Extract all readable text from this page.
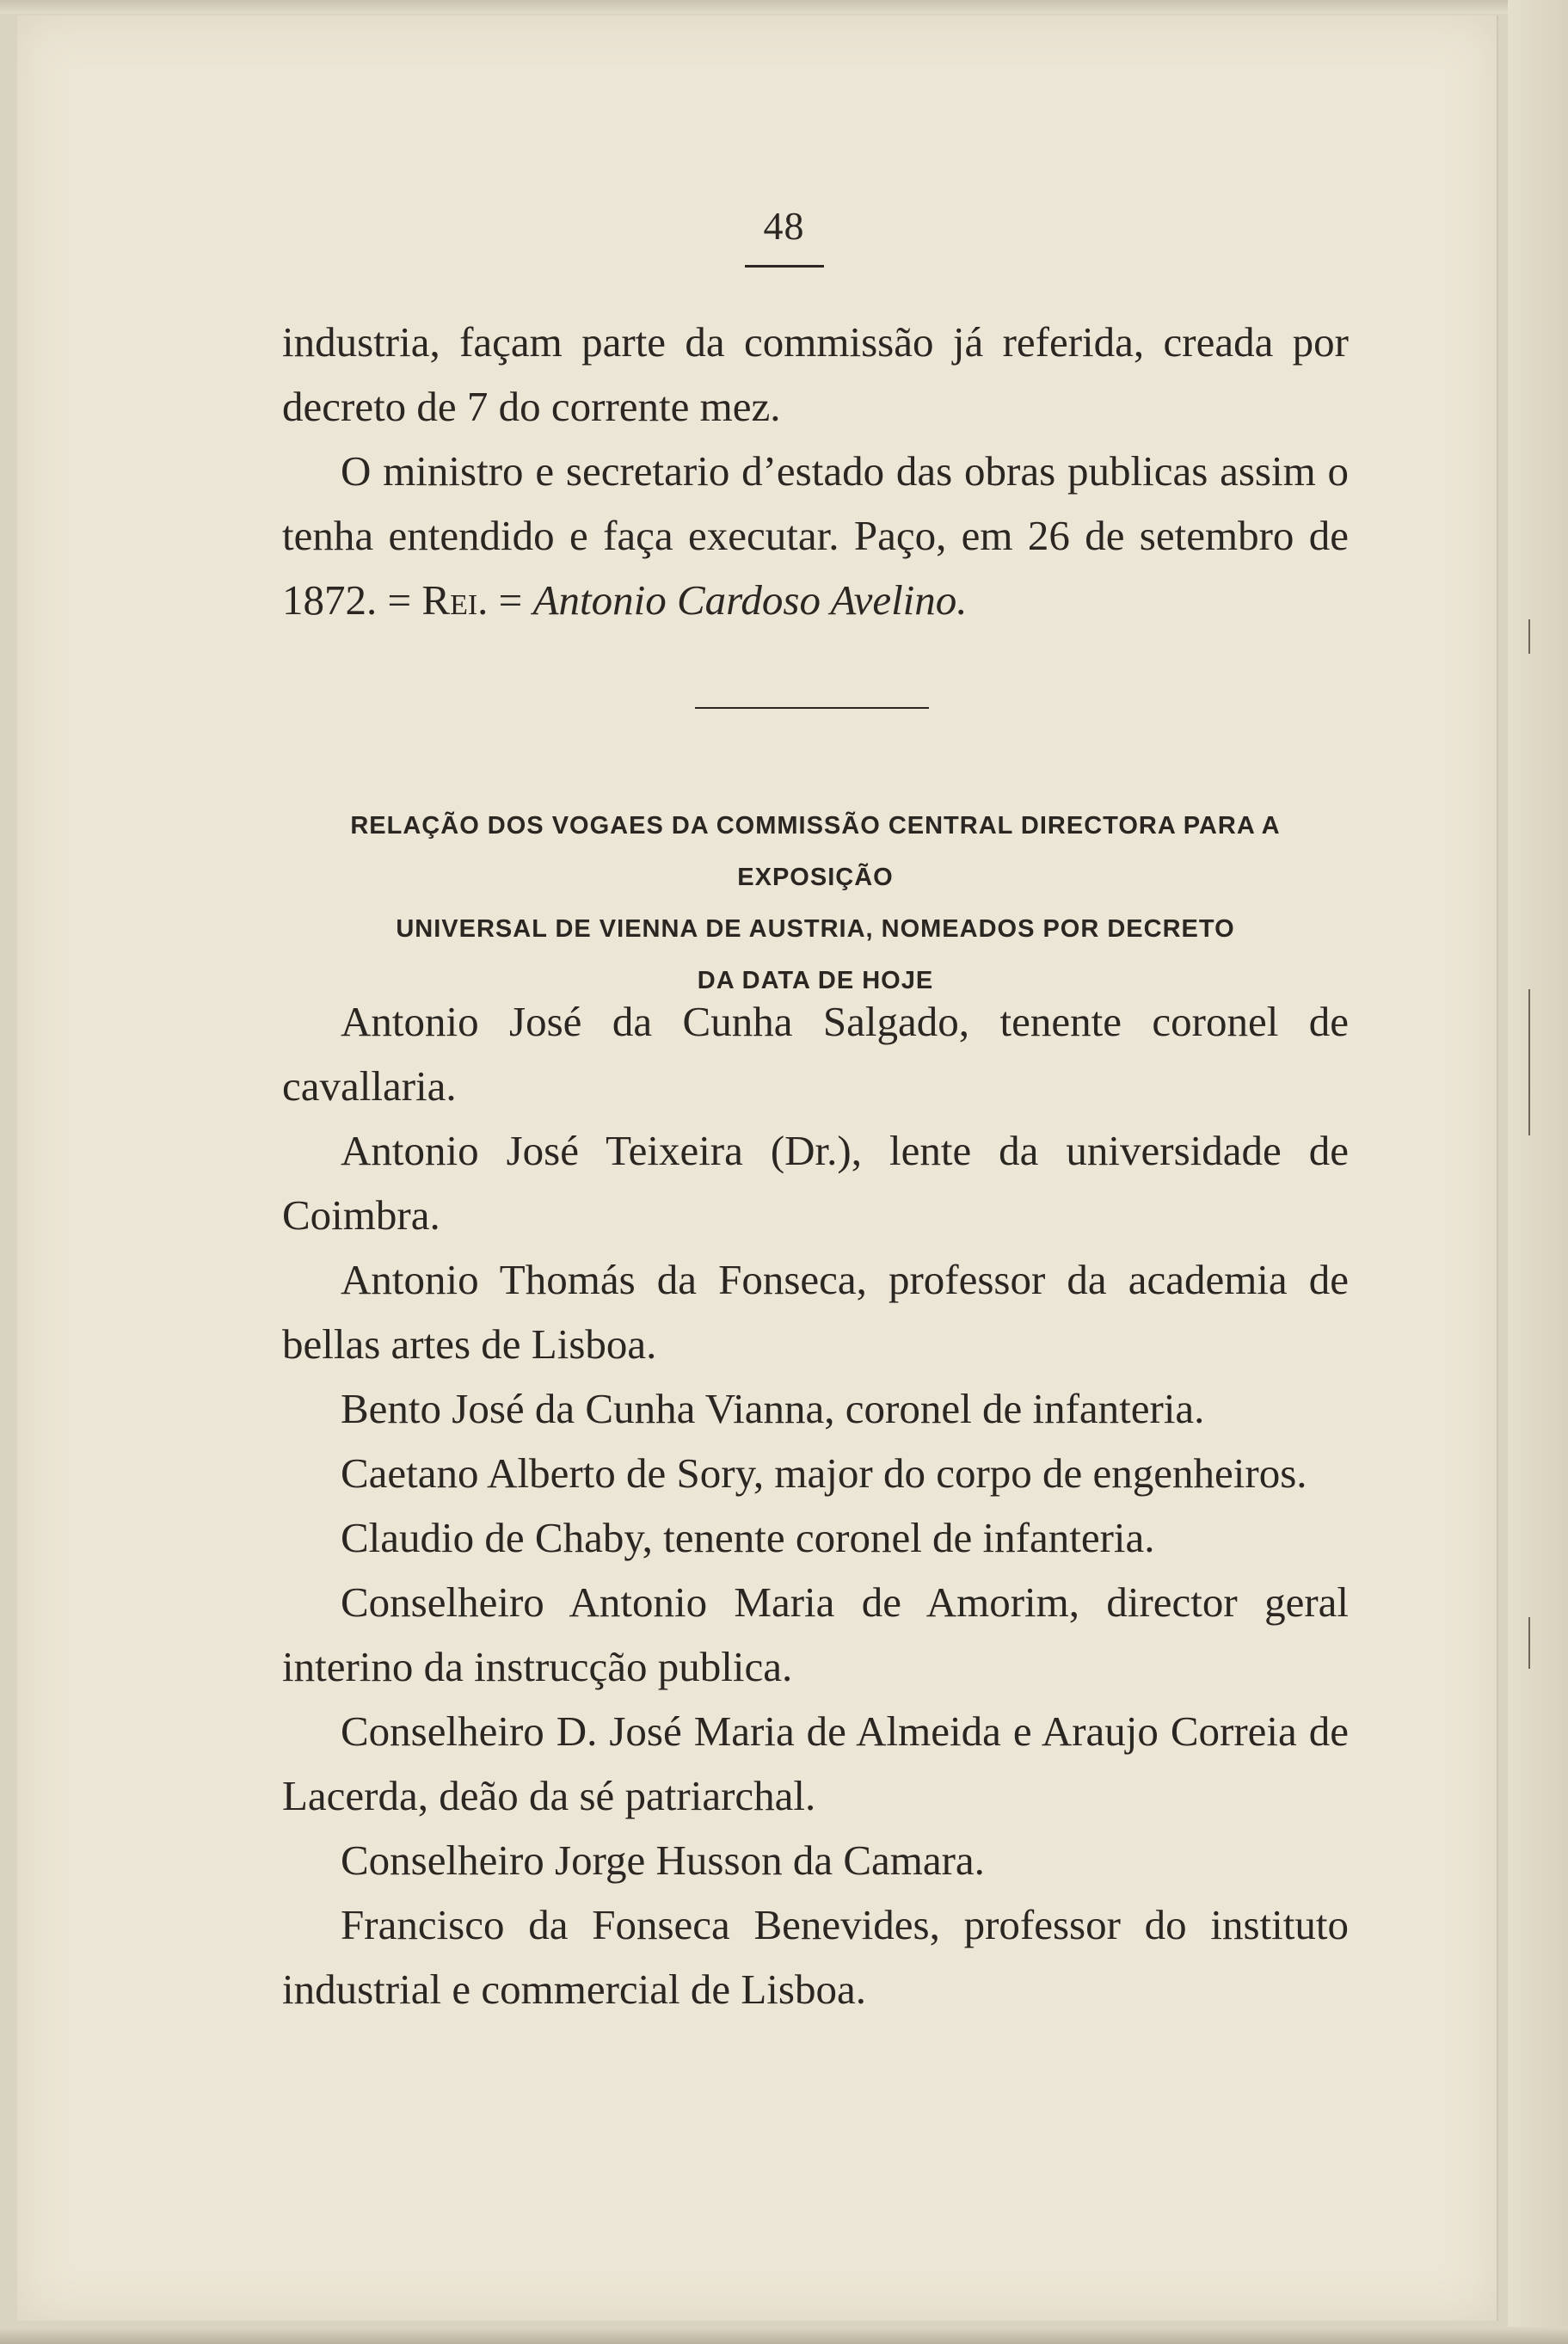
48

industria, façam parte da commissão já referida, creada por decreto de 7 do corrente mez.

O ministro e secretario d’estado das obras publicas assim o tenha entendido e faça executar. Paço, em 26 de setembro de 1872. = Rei. = Antonio Cardoso Avelino.

RELAÇÃO DOS VOGAES DA COMMISSÃO CENTRAL DIRECTORA PARA A EXPOSIÇÃO
UNIVERSAL DE VIENNA DE AUSTRIA, NOMEADOS POR DECRETO
DA DATA DE HOJE

Antonio José da Cunha Salgado, tenente coronel de cavallaria.

Antonio José Teixeira (Dr.), lente da universidade de Coimbra.

Antonio Thomás da Fonseca, professor da academia de bellas artes de Lisboa.

Bento José da Cunha Vianna, coronel de infanteria.

Caetano Alberto de Sory, major do corpo de engenheiros.

Claudio de Chaby, tenente coronel de infanteria.

Conselheiro Antonio Maria de Amorim, director geral interino da instrucção publica.

Conselheiro D. José Maria de Almeida e Araujo Correia de Lacerda, deão da sé patriarchal.

Conselheiro Jorge Husson da Camara.

Francisco da Fonseca Benevides, professor do instituto industrial e commercial de Lisboa.
